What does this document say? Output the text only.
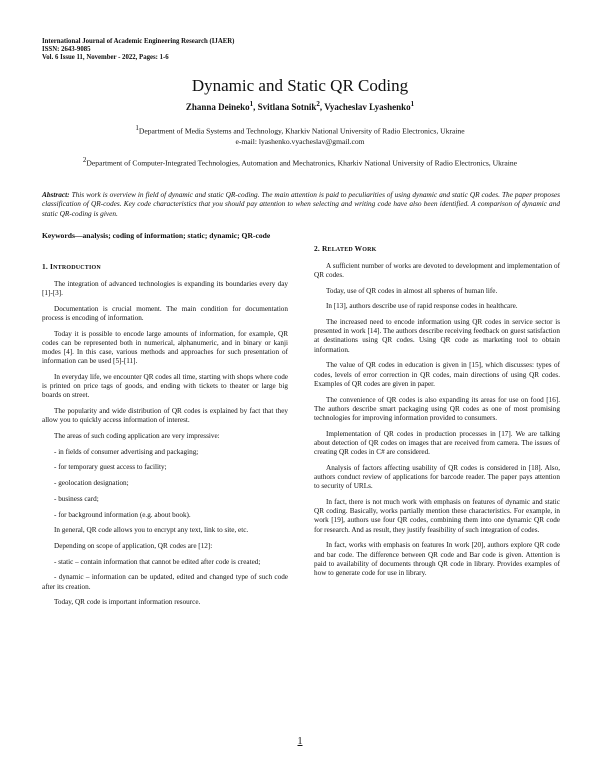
International Journal of Academic Engineering Research (IJAER)
ISSN: 2643-9085
Vol. 6 Issue 11, November - 2022, Pages: 1-6
Dynamic and Static QR Coding
Zhanna Deineko$^1$, Svitlana Sotnik$^2$, Vyacheslav Lyashenko$^1$
$^1$Department of Media Systems and Technology, Kharkiv National University of Radio Electronics, Ukraine
e-mail: lyashenko.vyacheslav@gmail.com
$^2$Department of Computer-Integrated Technologies, Automation and Mechatronics, Kharkiv National University of Radio Electronics, Ukraine
Abstract: This work is overview in field of dynamic and static QR-coding. The main attention is paid to peculiarities of using dynamic and static QR codes. The paper proposes classification of QR-codes. Key code characteristics that you should pay attention to when selecting and writing code have also been identified. A comparison of dynamic and static QR-coding is given.
Keywords—analysis; coding of information; static; dynamic; QR-code
1. INTRODUCTION

The integration of advanced technologies is expanding its boundaries every day [1]-[3].

Documentation is crucial moment. The main condition for documentation process is encoding of information.

Today it is possible to encode large amounts of information, for example, QR codes can be represented both in numerical, alphanumeric, and in binary or kanji modes [4]. In this case, various methods and approaches for such presentation of information can be used [5]-[11].

In everyday life, we encounter QR codes all time, starting with shops where code is printed on price tags of goods, and ending with tickets to theater or large big boards on street.

The popularity and wide distribution of QR codes is explained by fact that they allow you to quickly access information of interest.

The areas of such coding application are very impressive:

- in fields of consumer advertising and packaging;

- for temporary guest access to facility;

- geolocation designation;

- business card;

- for background information (e.g. about book).

In general, QR code allows you to encrypt any text, link to site, etc.

Depending on scope of application, QR codes are [12]:

- static – contain information that cannot be edited after code is created;

- dynamic – information can be updated, edited and changed type of such code after its creation.

Today, QR code is important information resource.

2. RELATED WORK

A sufficient number of works are devoted to development and implementation of QR codes.

Today, use of QR codes in almost all spheres of human life.

In [13], authors describe use of rapid response codes in healthcare.

The increased need to encode information using QR codes in service sector is presented in work [14]. The authors describe receiving feedback on guest satisfaction at destinations using QR codes. Using QR code as marketing tool to obtain information.

The value of QR codes in education is given in [15], which discusses: types of codes, levels of error correction in QR codes, main directions of using QR codes. Examples of QR codes are given in paper.

The convenience of QR codes is also expanding its areas for use on food [16]. The authors describe smart packaging using QR codes as one of most promising technologies for improving information provided to consumers.

Implementation of QR codes in production processes in [17]. We are talking about detection of QR codes on images that are received from camera. The issues of creating QR codes in C# are considered.

Analysis of factors affecting usability of QR codes is considered in [18]. Also, authors conduct review of applications for barcode reader. The paper pays attention to security of URLs.

In fact, there is not much work with emphasis on features of dynamic and static QR coding. Basically, works partially mention these characteristics. For example, in work [19], authors use four QR codes, combining them into one dynamic QR code for research. And as result, they justify feasibility of such integration of codes.

In fact, works with emphasis on features In work [20], authors explore QR code and bar code. The difference between QR code and Bar code is given. Attention is paid to availability of documents through QR code in library. Provides examples of how to generate code for use in library.

1
